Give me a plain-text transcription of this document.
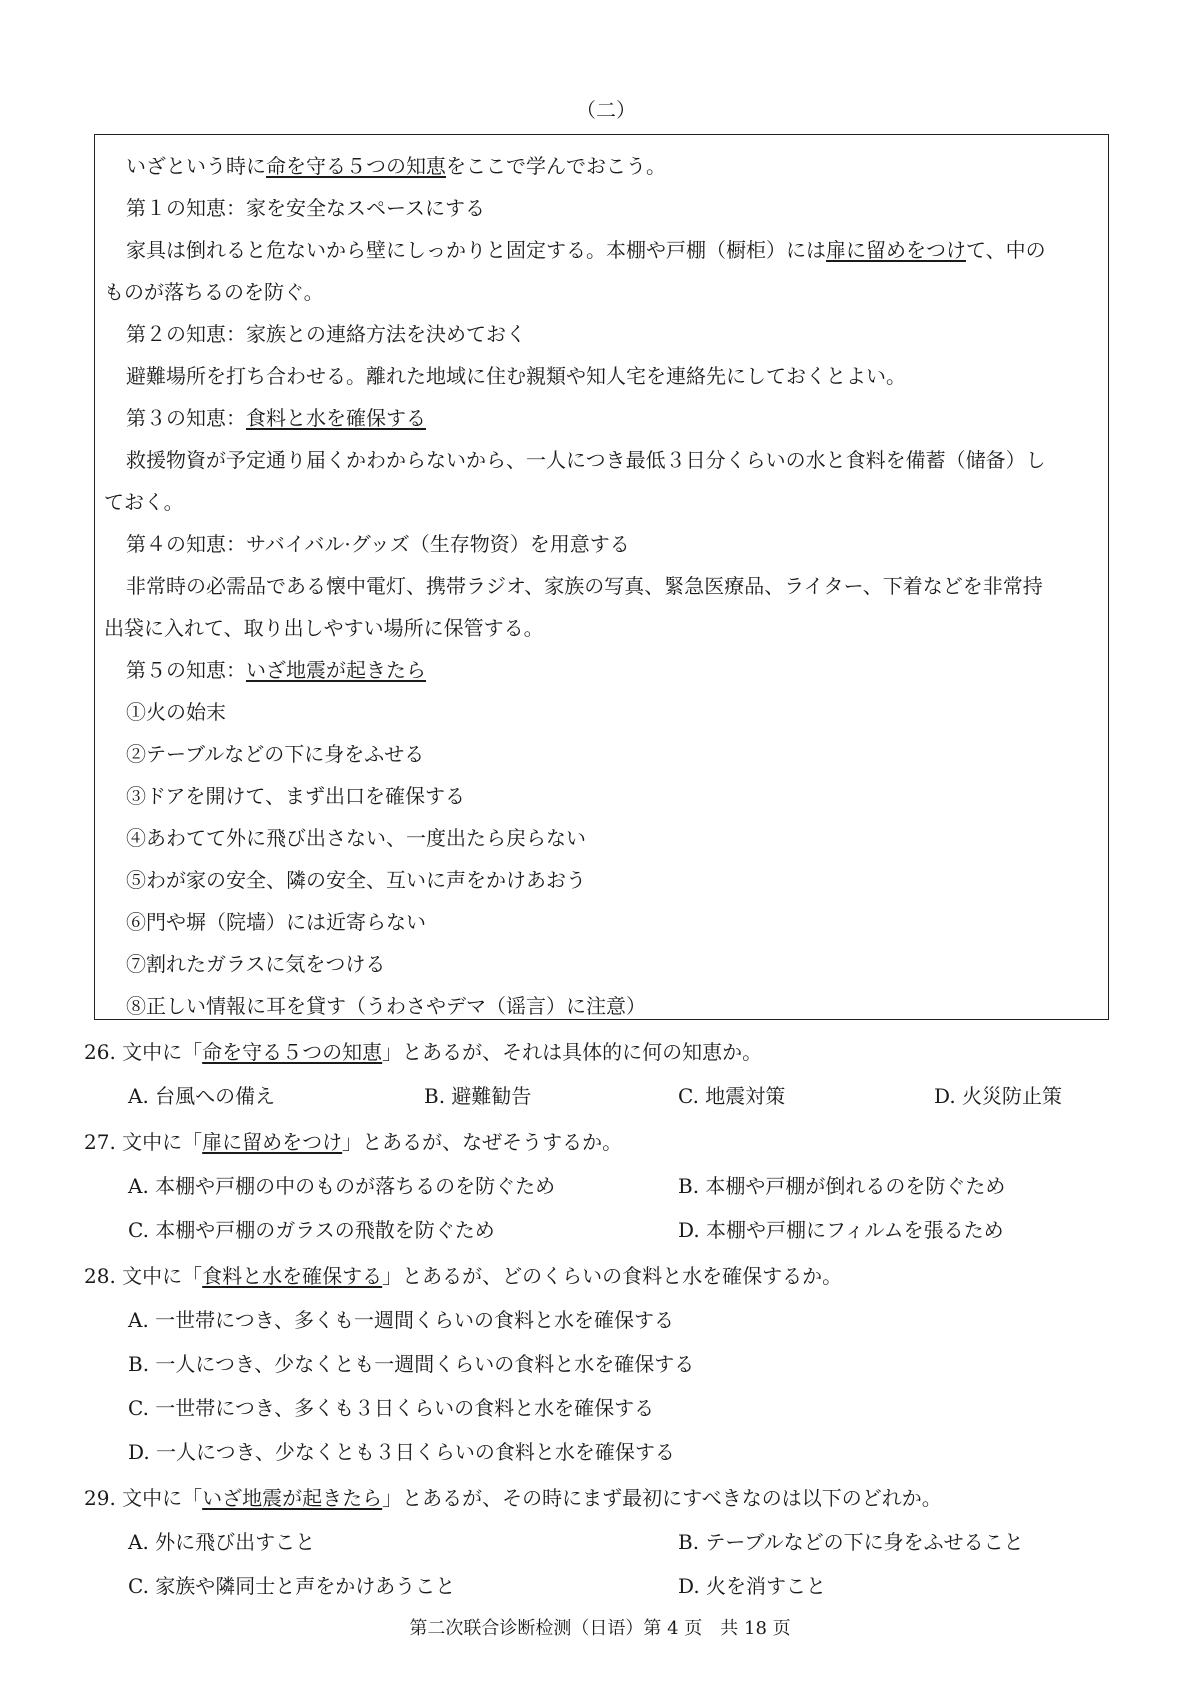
（二）
いざという時に命を守る５つの知恵をここで学んでおこう。
第１の知恵：家を安全なスペースにする
家具は倒れると危ないから壁にしっかりと固定する。本棚や戸棚（橱柜）には扉に留めをつけて、中の
ものが落ちるのを防ぐ。
第２の知恵：家族との連絡方法を決めておく
避難場所を打ち合わせる。離れた地域に住む親類や知人宅を連絡先にしておくとよい。
第３の知恵：食料と水を確保する
救援物資が予定通り届くかわからないから、一人につき最低３日分くらいの水と食料を備蓄（储备）し
ておく。
第４の知恵：サバイバル·グッズ（生存物资）を用意する
非常時の必需品である懐中電灯、携帯ラジオ、家族の写真、緊急医療品、ライター、下着などを非常持
出袋に入れて、取り出しやすい場所に保管する。
第５の知恵：いざ地震が起きたら
①火の始末
②テーブルなどの下に身をふせる
③ドアを開けて、まず出口を確保する
④あわてて外に飛び出さない、一度出たら戻らない
⑤わが家の安全、隣の安全、互いに声をかけあおう
⑥門や塀（院墙）には近寄らない
⑦割れたガラスに気をつける
⑧正しい情報に耳を貸す（うわさやデマ（谣言）に注意）
26. 文中に「命を守る５つの知恵」とあるが、それは具体的に何の知恵か。
A. 台風への備え	B. 避難勧告	C. 地震対策	D. 火災防止策
27. 文中に「扉に留めをつけ」とあるが、なぜそうするか。
A. 本棚や戸棚の中のものが落ちるのを防ぐため	B. 本棚や戸棚が倒れるのを防ぐため
C. 本棚や戸棚のガラスの飛散を防ぐため	D. 本棚や戸棚にフィルムを張るため
28. 文中に「食料と水を確保する」とあるが、どのくらいの食料と水を確保するか。
A. 一世帯につき、多くも一週間くらいの食料と水を確保する
B. 一人につき、少なくとも一週間くらいの食料と水を確保する
C. 一世帯につき、多くも３日くらいの食料と水を確保する
D. 一人につき、少なくとも３日くらいの食料と水を確保する
29. 文中に「いざ地震が起きたら」とあるが、その時にまず最初にすべきなのは以下のどれか。
A. 外に飛び出すこと	B. テーブルなどの下に身をふせること
C. 家族や隣同士と声をかけあうこと	D. 火を消すこと
第二次联合诊断检测（日语）第 4 页　共 18 页
